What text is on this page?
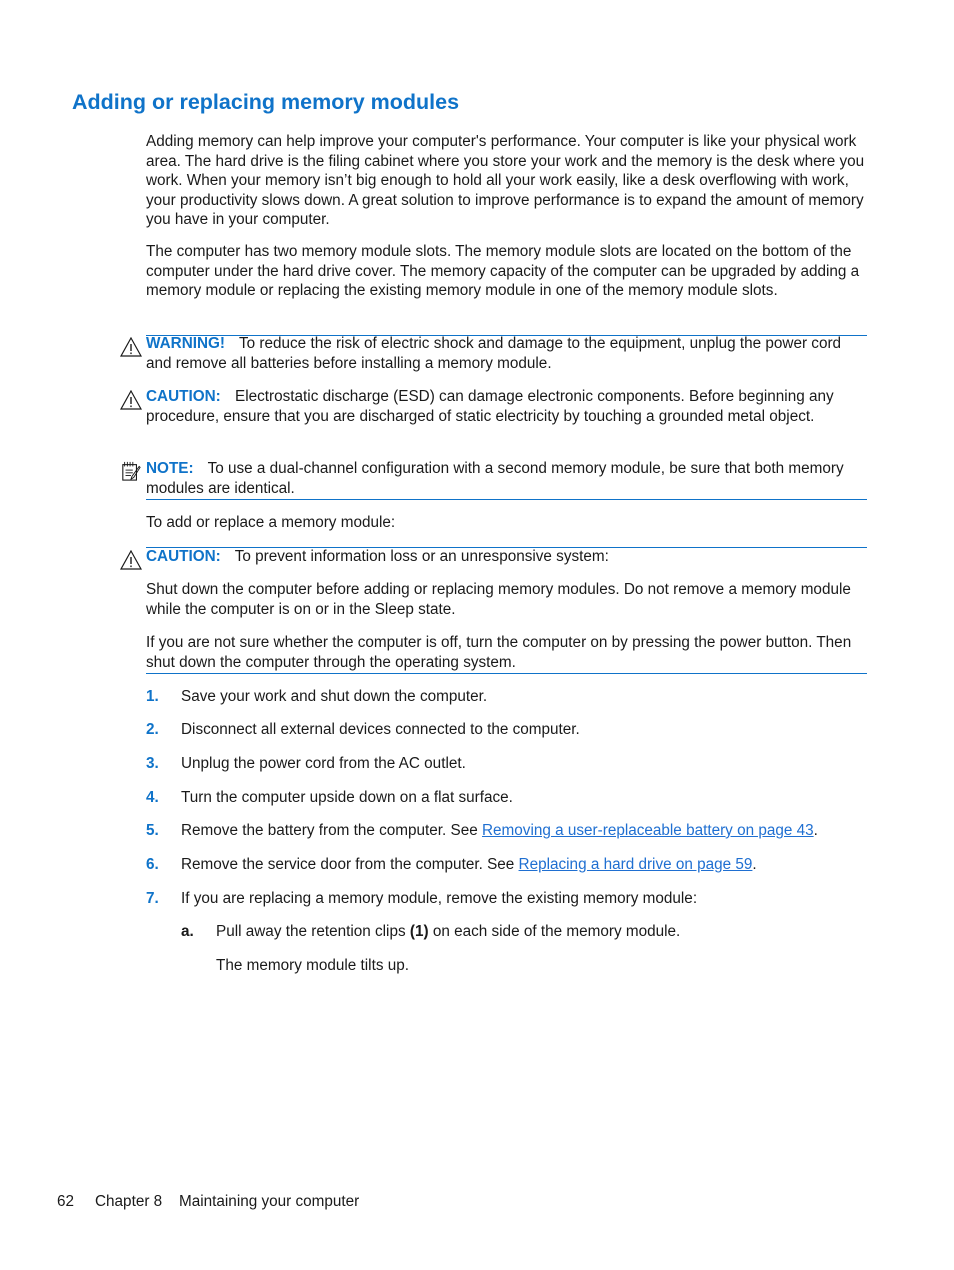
Adding or replacing memory modules

Adding memory can help improve your computer's performance. Your computer is like your physical work area. The hard drive is the filing cabinet where you store your work and the memory is the desk where you work. When your memory isn’t big enough to hold all your work easily, like a desk overflowing with work, your productivity slows down. A great solution to improve performance is to expand the amount of memory you have in your computer.

The computer has two memory module slots. The memory module slots are located on the bottom of the computer under the hard drive cover. The memory capacity of the computer can be upgraded by adding a memory module or replacing the existing memory module in one of the memory module slots.

WARNING! To reduce the risk of electric shock and damage to the equipment, unplug the power cord and remove all batteries before installing a memory module.

CAUTION: Electrostatic discharge (ESD) can damage electronic components. Before beginning any procedure, ensure that you are discharged of static electricity by touching a grounded metal object.

NOTE: To use a dual-channel configuration with a second memory module, be sure that both memory modules are identical.

To add or replace a memory module:

CAUTION: To prevent information loss or an unresponsive system:

Shut down the computer before adding or replacing memory modules. Do not remove a memory module while the computer is on or in the Sleep state.

If you are not sure whether the computer is off, turn the computer on by pressing the power button. Then shut down the computer through the operating system.

1. Save your work and shut down the computer.
2. Disconnect all external devices connected to the computer.
3. Unplug the power cord from the AC outlet.
4. Turn the computer upside down on a flat surface.
5. Remove the battery from the computer. See Removing a user-replaceable battery on page 43.
6. Remove the service door from the computer. See Replacing a hard drive on page 59.
7. If you are replacing a memory module, remove the existing memory module:
a. Pull away the retention clips (1) on each side of the memory module.
The memory module tilts up.
62 Chapter 8 Maintaining your computer
